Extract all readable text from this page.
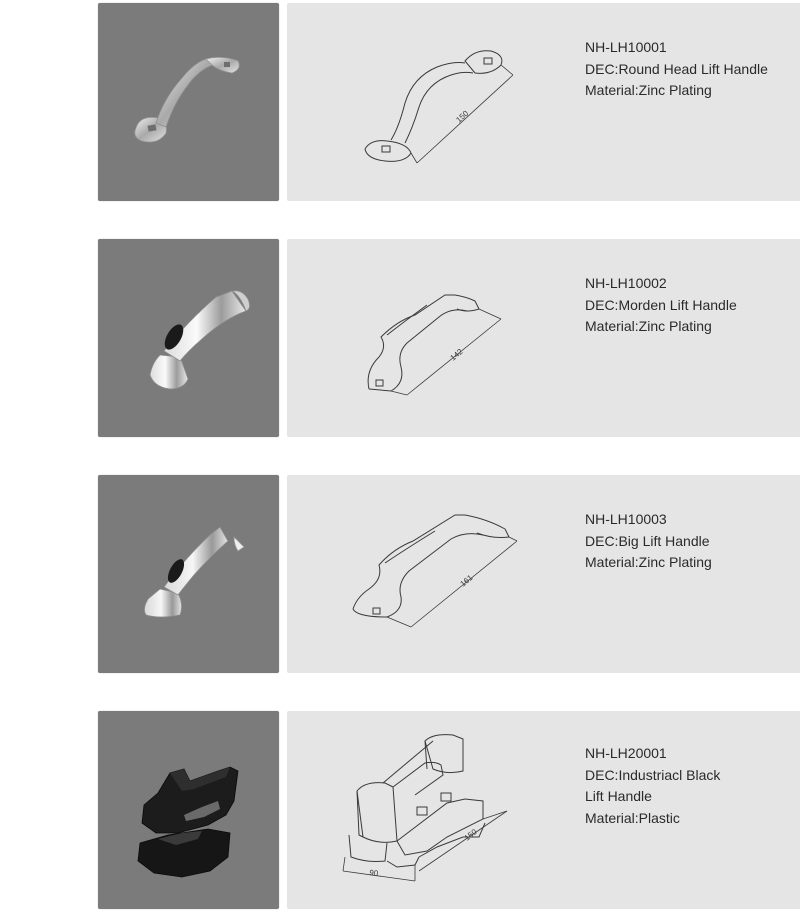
150
NH-LH10001
DEC:Round Head Lift Handle
Material:Zinc Plating
142
NH-LH10002
DEC:Morden Lift Handle
Material:Zinc Plating
161
NH-LH10003
DEC:Big Lift Handle
Material:Zinc Plating
90
150
NH-LH20001
DEC:Industriacl Black
Lift Handle
Material:Plastic
